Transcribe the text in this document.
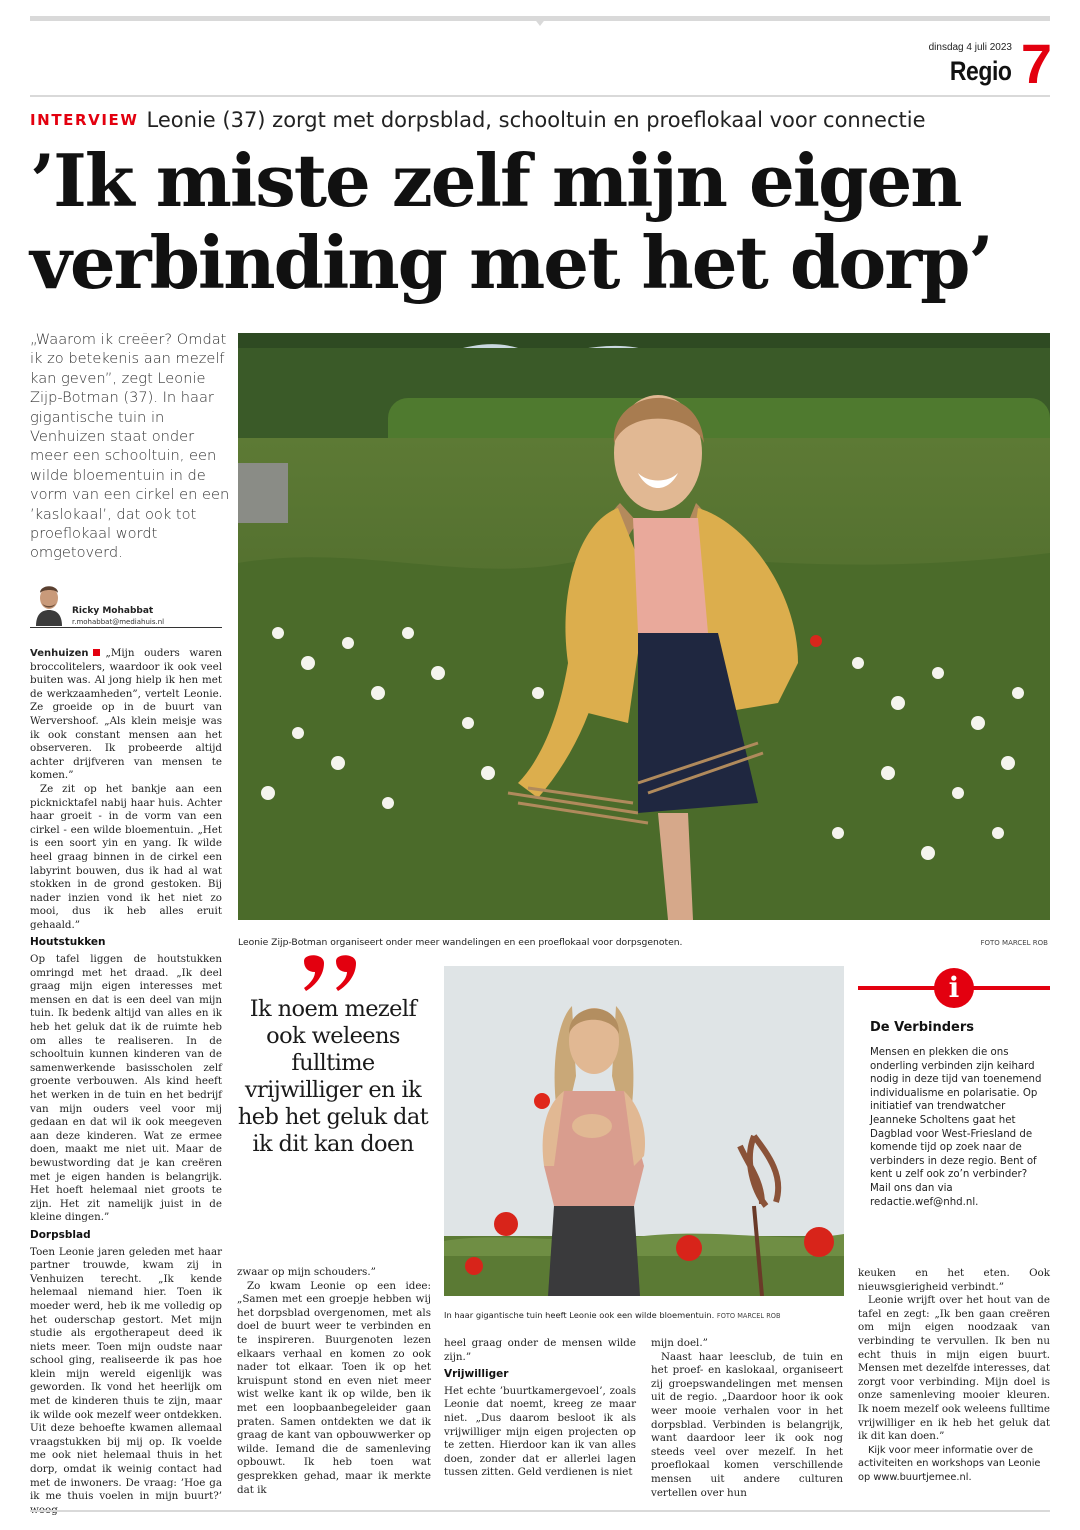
dinsdag 4 juli 2023
Regio 7
INTERVIEW Leonie (37) zorgt met dorpsblad, schooltuin en proeflokaal voor connectie
’Ik miste zelf mijn eigen
verbinding met het dorp’
„Waarom ik creëer? Omdat ik zo betekenis aan mezelf kan geven”, zegt Leonie Zijp-Botman (37). In haar gigantische tuin in Venhuizen staat onder meer een schooltuin, een wilde bloementuin in de vorm van een cirkel en een ’kaslokaal’, dat ook tot proeflokaal wordt omgetoverd.
Ricky Mohabbat
r.mohabbat@mediahuis.nl

Venhuizen „Mijn ouders waren broccolitelers, waardoor ik ook veel buiten was. Al jong hielp ik hen met de werkzaamheden”, vertelt Leonie. Ze groeide op in de buurt van Wervershoof. „Als klein meisje was ik ook constant mensen aan het observeren. Ik probeerde altijd achter drijfveren van mensen te komen.”

Ze zit op het bankje aan een picknicktafel nabij haar huis. Achter haar groeit - in de vorm van een cirkel - een wilde bloementuin. „Het is een soort yin en yang. Ik wilde heel graag binnen in de cirkel een labyrint bouwen, dus ik had al wat stokken in de grond gestoken. Bij nader inzien vond ik het niet zo mooi, dus ik heb alles eruit gehaald.”

Houtstukken

Op tafel liggen de houtstukken omringd met het draad. „Ik deel graag mijn eigen interesses met mensen en dat is een deel van mijn tuin. Ik bedenk altijd van alles en ik heb het geluk dat ik de ruimte heb om alles te realiseren. In de schooltuin kunnen kinderen van de samenwerkende basisscholen zelf groente verbouwen. Als kind heeft het werken in de tuin en het bedrijf van mijn ouders veel voor mij gedaan en dat wil ik ook meegeven aan deze kinderen. Wat ze ermee doen, maakt me niet uit. Maar de bewustwording dat je kan creëren met je eigen handen is belangrijk. Het hoeft helemaal niet groots te zijn. Het zit namelijk juist in de kleine dingen.”

Dorpsblad

Toen Leonie jaren geleden met haar partner trouwde, kwam zij in Venhuizen terecht. „Ik kende helemaal niemand hier. Toen ik moeder werd, heb ik me volledig op het ouderschap gestort. Met mijn studie als ergotherapeut deed ik niets meer. Toen mijn oudste naar school ging, realiseerde ik pas hoe klein mijn wereld eigenlijk was geworden. Ik vond het heerlijk om met de kinderen thuis te zijn, maar ik wilde ook mezelf weer ontdekken. Uit deze behoefte kwamen allemaal vraagstukken bij mij op. Ik voelde me ook niet helemaal thuis in het dorp, omdat ik weinig contact had met de inwoners. De vraag: ’Hoe ga ik me thuis voelen in mijn buurt?’

Leonie Zijp-Botman organiseert onder meer wandelingen en een proeflokaal voor dorpsgenoten.	FOTO MARCEL ROB
Ik noem mezelf ook weleens fulltime vrijwilliger en ik heb het geluk dat ik dit kan doen

zwaar op mijn schouders.”

Zo kwam Leonie op een idee: „Samen met een groepje hebben wij het dorpsblad overgenomen, met als doel de buurt weer te verbinden en te inspireren. Buurgenoten lezen elkaars verhaal en komen zo ook nader tot elkaar. Toen ik op het kruispunt stond en even niet meer wist welke kant ik op wilde, ben ik met een loopbaanbegeleider gaan praten. Samen ontdekten we dat ik graag de kant van opbouwwerker op wilde. Iemand die de samenleving opbouwt. Ik heb toen wat gesprekken gehad, maar ik merkte dat ik

In haar gigantische tuin heeft Leonie ook een wilde bloementuin. FOTO MARCEL ROB

heel graag onder de mensen wilde zijn.”

Vrijwilliger

Het echte ’buurtkamergevoel’, zoals Leonie dat noemt, kreeg ze maar niet. „Dus daarom besloot ik als vrijwilliger mijn eigen projecten op te zetten. Hierdoor kan ik van alles doen, zonder dat er allerlei lagen tussen zitten. Geld verdienen is niet

mijn doel.”

Naast haar leesclub, de tuin en het proef- en kaslokaal, organiseert zij groepswandelingen met mensen uit de regio. „Daardoor hoor ik ook weer mooie verhalen voor in het dorpsblad. Verbinden is belangrijk, want daardoor leer ik ook nog steeds veel over mezelf. In het proeflokaal komen verschillende mensen uit andere culturen vertellen over hun

i
De Verbinders
Mensen en plekken die ons onderling verbinden zijn keihard nodig in deze tijd van toenemend individualisme en polarisatie. Op initiatief van trendwatcher Jeanneke Scholtens gaat het Dagblad voor West-Friesland de komende tijd op zoek naar de verbinders in deze regio. Bent of kent u zelf ook zo’n verbinder? Mail ons dan via redactie.wef@nhd.nl.

keuken en het eten. Ook nieuwsgierigheid verbindt.”

Leonie wrijft over het hout van de tafel en zegt: „Ik ben gaan creëren om mijn eigen noodzaak van verbinding te vervullen. Ik ben nu echt thuis in mijn eigen buurt. Mensen met dezelfde interesses, dat zorgt voor verbinding. Mijn doel is onze samenleving mooier kleuren. Ik noem mezelf ook weleens fulltime vrijwilliger en ik heb het geluk dat ik dit kan doen.”

Kijk voor meer informatie over de activiteiten en workshops van Leonie op www.buurtjemee.nl.
